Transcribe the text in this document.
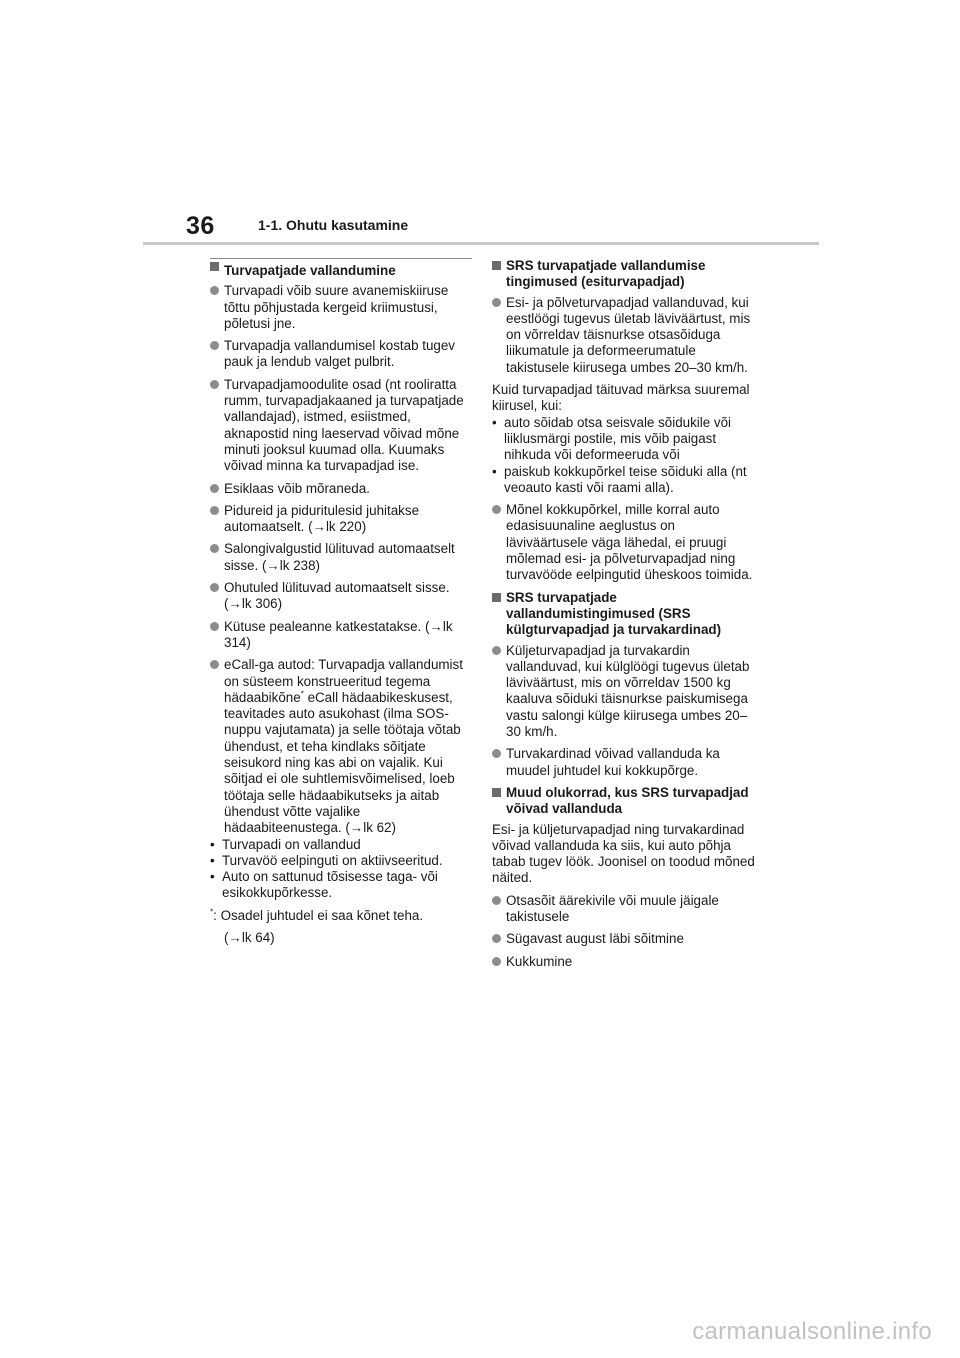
36	1-1. Ohutu kasutamine
Turvapatjade vallandumine
Turvapadi võib suure avanemiskiiruse tõttu põhjustada kergeid kriimustusi, põletusi jne.
Turvapadja vallandumisel kostab tugev pauk ja lendub valget pulbrit.
Turvapadjamoodulite osad (nt rooliratta rumm, turvapadjakaaned ja turvapatjade vallandajad), istmed, esiistmed, aknapostid ning laeservad võivad mõne minuti jooksul kuumad olla. Kuumaks võivad minna ka turvapadjad ise.
Esiklaas võib mõraneda.
Pidureid ja piduritulesid juhitakse automaatselt. (→lk 220)
Salongivalgustid lülituvad automaatselt sisse. (→lk 238)
Ohutuled lülituvad automaatselt sisse. (→lk 306)
Kütuse pealeanne katkestatakse. (→lk 314)
eCall-ga autod: Turvapadja vallandumist on süsteem konstrueeritud tegema hädaabikõne* eCall hädaabikeskusest, teavitades auto asukohast (ilma SOS-nuppu vajutamata) ja selle töötaja võtab ühendust, et teha kindlaks sõitjate seisukord ning kas abi on vajalik. Kui sõitjad ei ole suhtlemisvõimelised, loeb töötaja selle hädaabikutseks ja aitab ühendust võtte vajalike hädaabiteenustega. (→lk 62)
• Turvapadi on vallandud
• Turvavöö eelpinguti on aktiivseeritud.
• Auto on sattunud tõsisesse taga- või esikokkupõrkesse.
*: Osadel juhtudel ei saa kõnet teha.
(→lk 64)
SRS turvapatjade vallandumise tingimused (esiturvapadjad)
Esi- ja põlveturvapadjad vallanduvad, kui eestlöögi tugevus ületab läviväärtust, mis on võrreldav täisnurkse otsasõiduga liikumatule ja deformeerumatule takistusele kiirusega umbes 20–30 km/h.
Kuid turvapadjad täituvad märksa suuremal kiirusel, kui:
• auto sõidab otsa seisvale sõidukile või liiklusmärgi postile, mis võib paigast nihkuda või deformeeruda või
• paiskub kokkupõrkel teise sõiduki alla (nt veoauto kasti või raami alla).
Mõnel kokkupõrkel, mille korral auto edasisuunaline aeglustus on läviväärtusele väga lähedal, ei pruugi mõlemad esi- ja põlveturvapadjad ning turvavööde eelpingutid üheskoos toimida.
SRS turvapatjade vallandumistingimused (SRS külgturvapadjad ja turvakardinad)
Küljeturvapadjad ja turvakardin vallanduvad, kui külglöögi tugevus ületab läviväärtust, mis on võrreldav 1500 kg kaaluva sõiduki täisnurkse paiskumisega vastu salongi külge kiirusega umbes 20–30 km/h.
Turvakardinad võivad vallanduda ka muudel juhtudel kui kokkupõrge.
Muud olukorrad, kus SRS turvapadjad võivad vallanduda
Esi- ja küljeturvapadjad ning turvakardinad võivad vallanduda ka siis, kui auto põhja tabab tugev löök. Joonisel on toodud mõned näited.
Otsasõit äärekivile või muule jäigale takistusele
Sügavast august läbi sõitmine
Kukkumine
carmanualsonline.info
